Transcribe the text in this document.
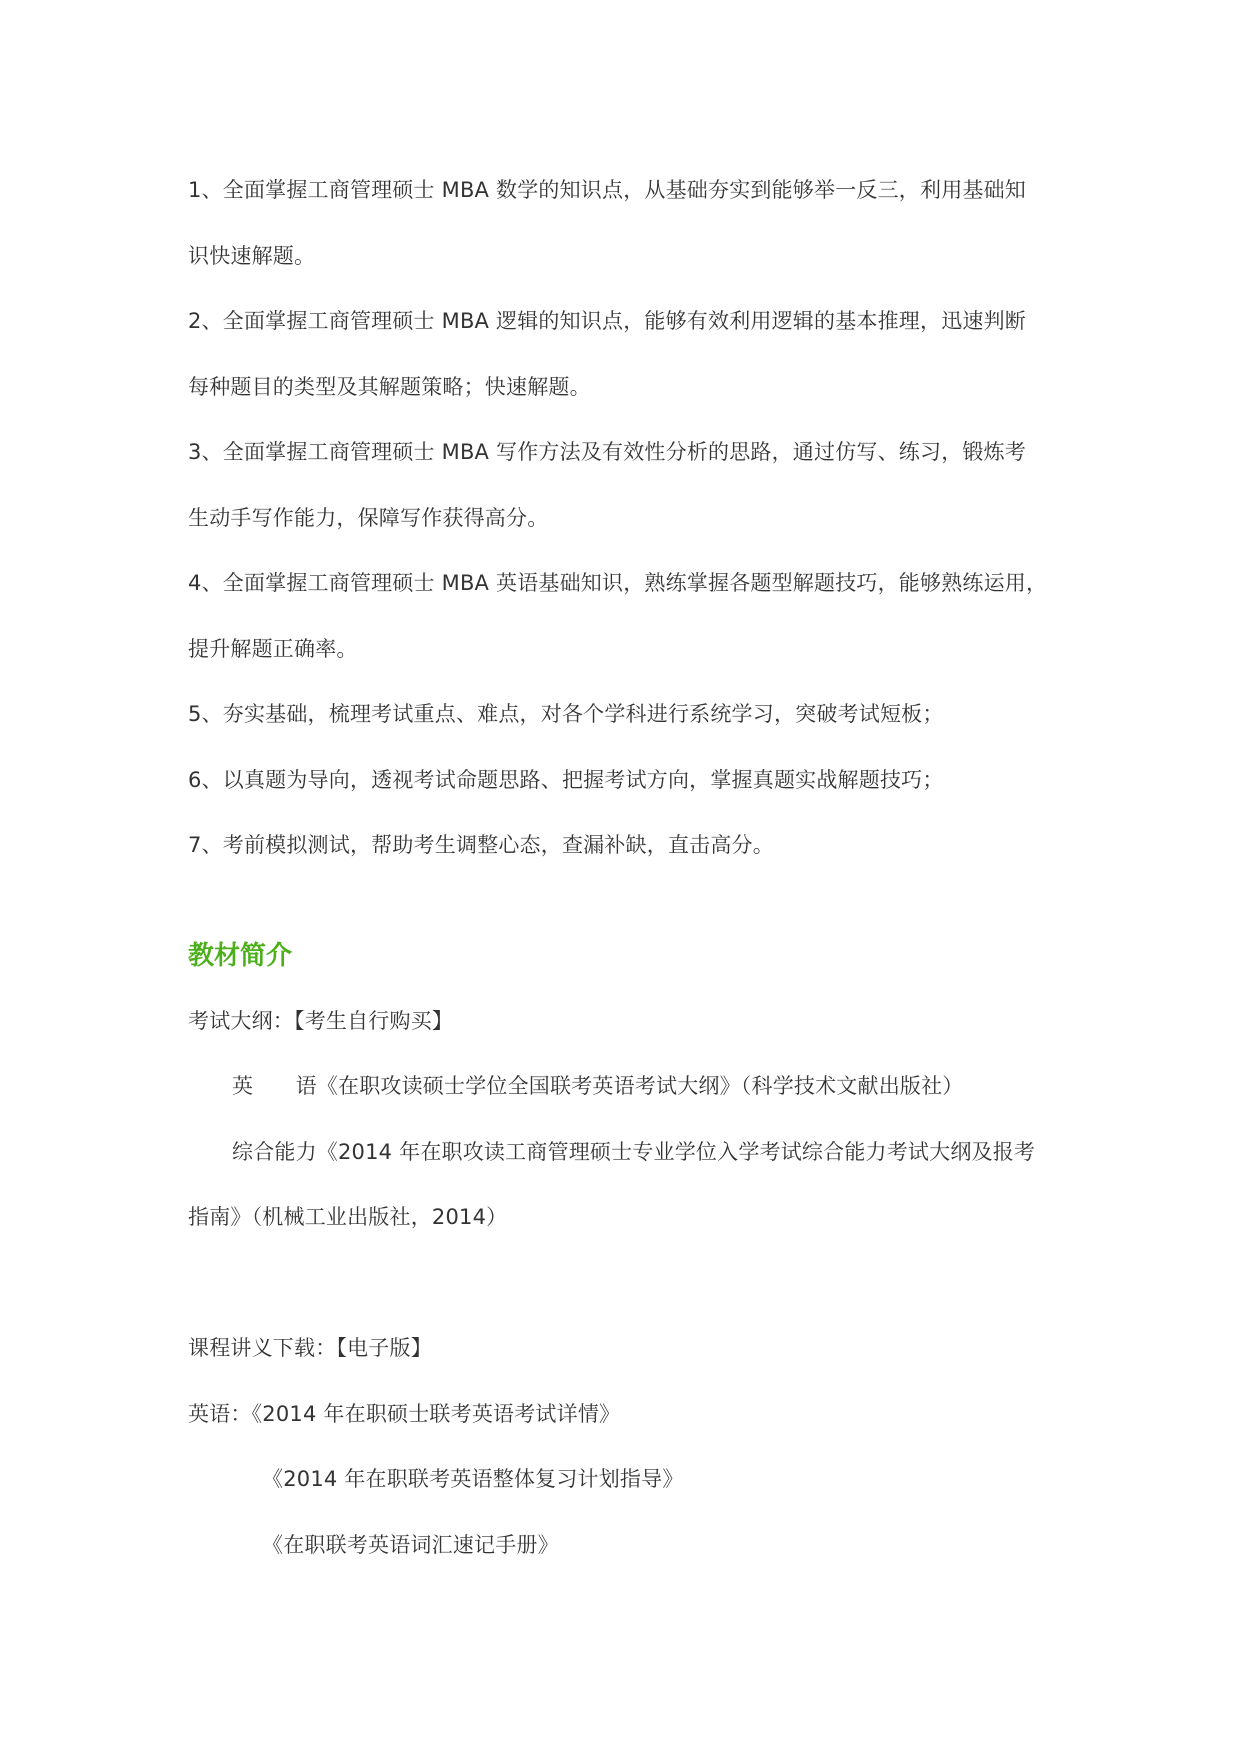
1、全面掌握工商管理硕士 MBA 数学的知识点，从基础夯实到能够举一反三，利用基础知
识快速解题。
2、全面掌握工商管理硕士 MBA 逻辑的知识点，能够有效利用逻辑的基本推理，迅速判断
每种题目的类型及其解题策略；快速解题。
3、全面掌握工商管理硕士 MBA 写作方法及有效性分析的思路，通过仿写、练习，锻炼考
生动手写作能力，保障写作获得高分。
4、全面掌握工商管理硕士 MBA 英语基础知识，熟练掌握各题型解题技巧，能够熟练运用，
提升解题正确率。
5、夯实基础，梳理考试重点、难点，对各个学科进行系统学习，突破考试短板；
6、以真题为导向，透视考试命题思路、把握考试方向，掌握真题实战解题技巧；
7、考前模拟测试，帮助考生调整心态，查漏补缺，直击高分。
教材简介
考试大纲：【考生自行购买】
英　　语《在职攻读硕士学位全国联考英语考试大纲》（科学技术文献出版社）
综合能力《2014 年在职攻读工商管理硕士专业学位入学考试综合能力考试大纲及报考
指南》（机械工业出版社，2014）
课程讲义下载：【电子版】
英语：《2014 年在职硕士联考英语考试详情》
《2014 年在职联考英语整体复习计划指导》
《在职联考英语词汇速记手册》
